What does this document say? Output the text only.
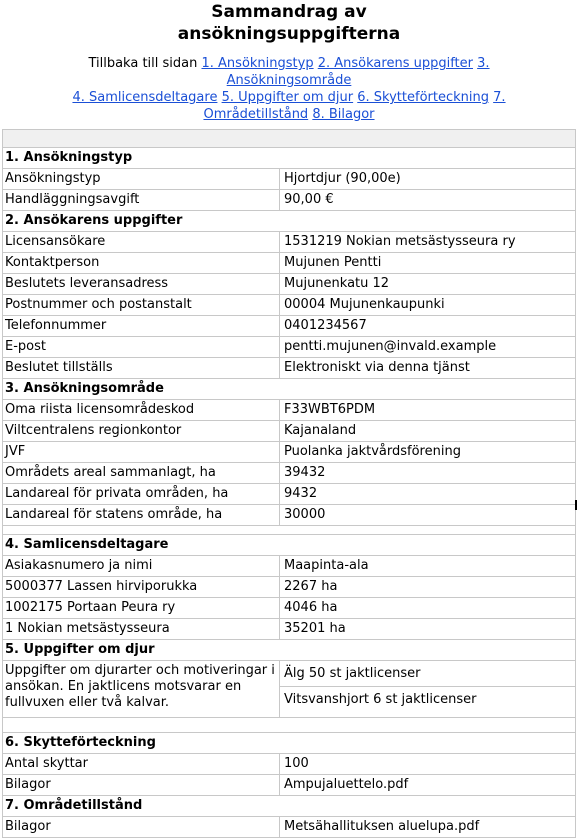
Sammandrag av
ansökningsuppgifterna
Tillbaka till sidan 1. Ansökningstyp 2. Ansökarens uppgifter 3. Ansökningsområde
4. Samlicensdeltagare 5. Uppgifter om djur 6. Skytteförteckning 7. Områdetillstånd 8. Bilagor
1. Ansökningstyp
Ansökningstyp	Hjortdjur (90,00e)
Handläggningsavgift	90,00 €
2. Ansökarens uppgifter
Licensansökare	1531219 Nokian metsästysseura ry
Kontaktperson	Mujunen Pentti
Beslutets leveransadress	Mujunenkatu 12
Postnummer och postanstalt	00004 Mujunenkaupunki
Telefonnummer	0401234567
E-post	pentti.mujunen@invald.example
Beslutet tillställs	Elektroniskt via denna tjänst
3. Ansökningsområde
Oma riista licensområdeskod	F33WBT6PDM
Viltcentralens regionkontor	Kajanaland
JVF	Puolanka jaktvårdsförening
Områdets areal sammanlagt, ha	39432
Landareal för privata områden, ha	9432
Landareal för statens område, ha	30000
4. Samlicensdeltagare
Asiakasnumero ja nimi	Maapinta-ala
5000377 Lassen hirviporukka	2267 ha
1002175 Portaan Peura ry	4046 ha
1 Nokian metsästysseura	35201 ha
5. Uppgifter om djur
Uppgifter om djurarter och motiveringar i ansökan. En jaktlicens motsvarar en fullvuxen eller två kalvar.
Älg 50 st jaktlicenser
Vitsvanshjort 6 st jaktlicenser
6. Skytteförteckning
Antal skyttar	100
Bilagor	Ampujaluettelo.pdf
7. Områdetillstånd
Bilagor	Metsähallituksen aluelupa.pdf
